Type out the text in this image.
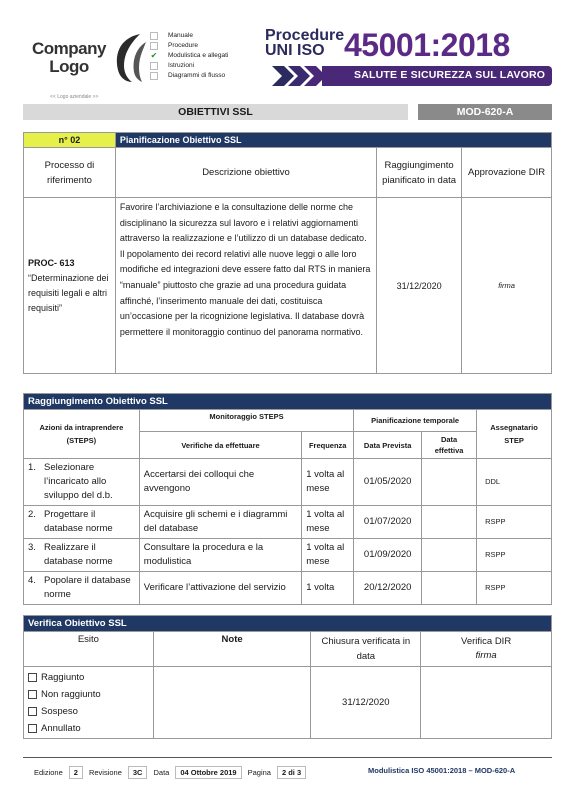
Company
Logo
<< Logo aziendale >>
Manuale
Procedure
✔ Modulistica e allegati
Istruzioni
Diagrammi di flusso
Procedure
UNI ISO 45001:2018
SALUTE E SICUREZZA SUL LAVORO
OBIETTIVI SSL	MOD-620-A
n° 02	Pianificazione Obiettivo SSL		
Processo di riferimento	Descrizione obiettivo	Raggiungimento pianificato in data	Approvazione DIR

PROC- 613
“Determinazione dei requisiti legali e altri requisiti”	Favorire l’archiviazione e la consultazione delle norme che disciplinano la sicurezza sul lavoro e i relativi aggiornamenti attraverso la realizzazione e l’utilizzo di un database dedicato. Il popolamento dei record relativi alle nuove leggi o alle loro modifiche ed integrazioni deve essere fatto dal RTS in maniera “manuale” piuttosto che grazie ad una procedura guidata affinché, l’inserimento manuale dei dati, costituisca un’occasione per la ricognizione legislativa. Il database dovrà permettere il monitoraggio continuo del panorama normativo.	31/12/2020	firma
Raggiungimento Obiettivo SSL					
Azioni da intraprendere (STEPS)	Monitoraggio STEPS		Pianificazione temporale		Assegnatario STEP
	Verifiche da effettuare	Frequenza	Data Prevista	Data effettiva	

1. Selezionare l’incaricato allo sviluppo del d.b.	Accertarsi dei colloqui che avvengono	1 volta al mese	01/05/2020		DDL

2. Progettare il database norme	Acquisire gli schemi e i diagrammi del database	1 volta al mese	01/07/2020		RSPP

3. Realizzare il database norme	Consultare la procedura e la modulistica	1 volta al mese	01/09/2020		RSPP

4. Popolare il database norme	Verificare l’attivazione del servizio	1 volta	20/12/2020		RSPP
Verifica Obiettivo SSL			
Esito	Note	Chiusura verificata in data	Verifica DIR
firma

Raggiunto
Non raggiunto
Sospeso
Annullato		31/12/2020	
Edizione	2	Revisione	3C	Data	04 Ottobre 2019	Pagina	2 di 3	Modulistica ISO 45001:2018 – MOD-620-A
